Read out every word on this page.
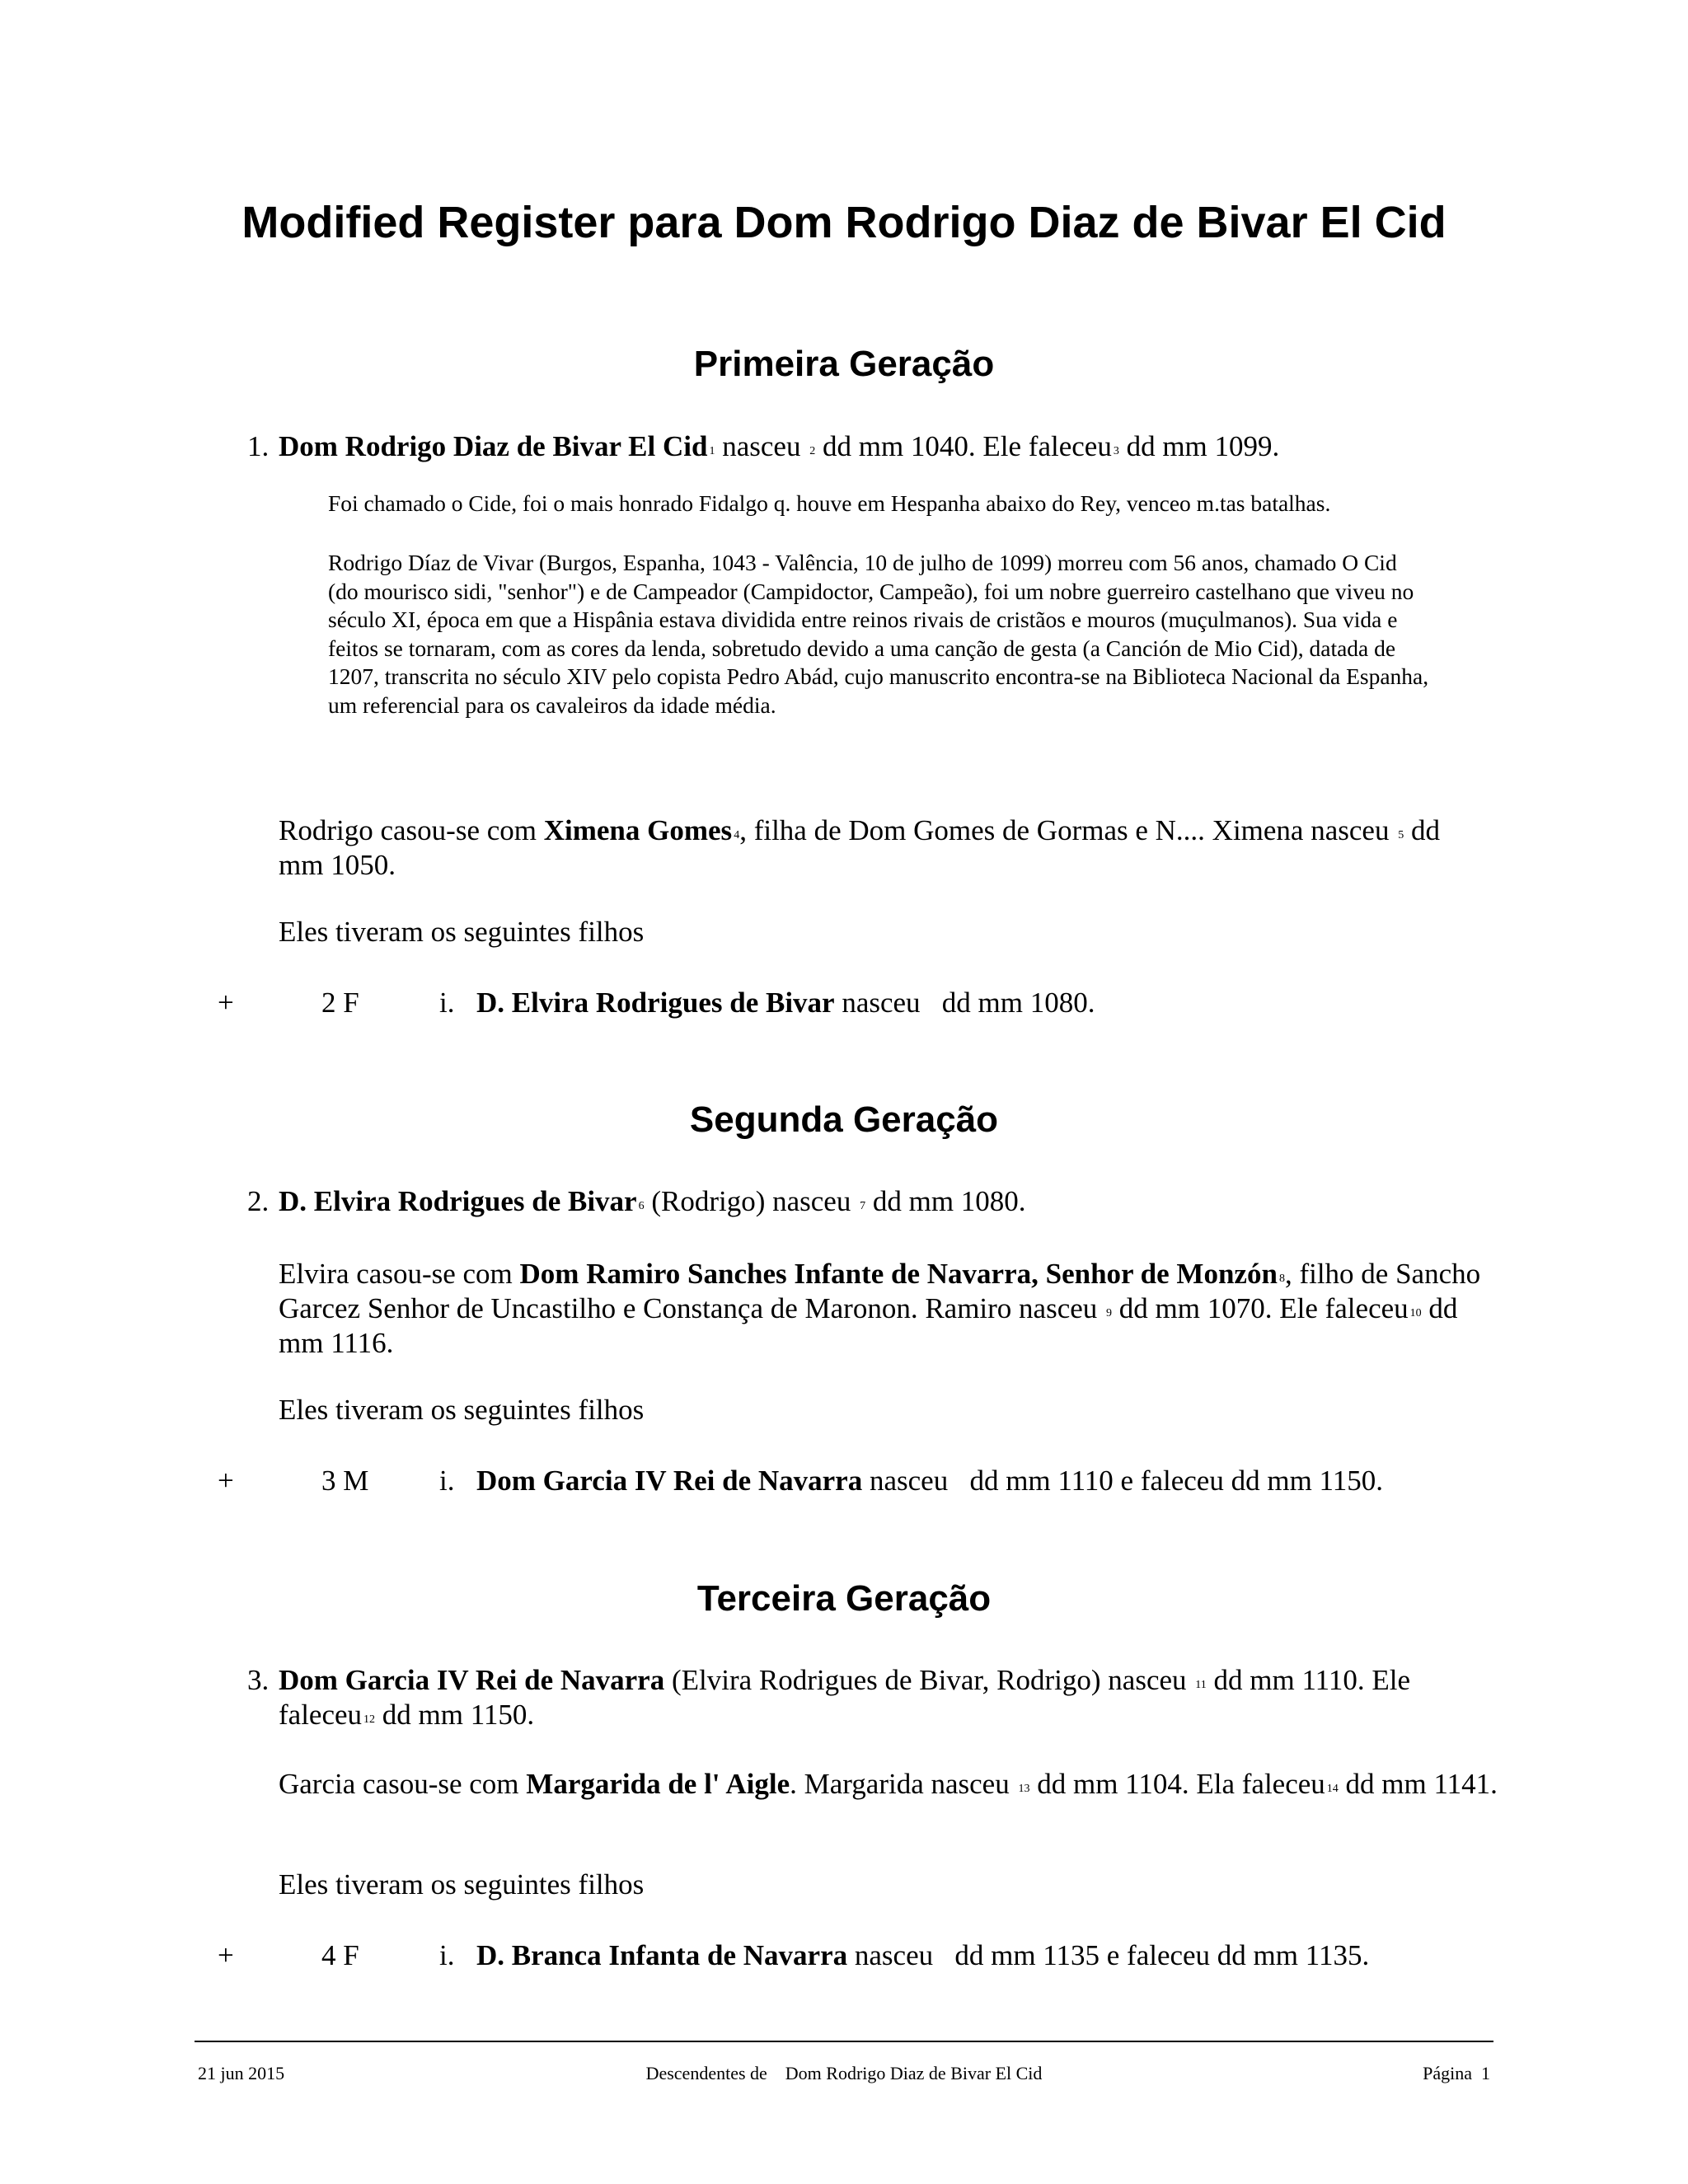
Modified Register para Dom Rodrigo Diaz de Bivar El Cid
Primeira Geração
1. Dom Rodrigo Diaz de Bivar El Cid $^1$ nasceu $^2$ dd mm 1040. Ele faleceu $^3$ dd mm 1099.
Foi chamado o Cide, foi o mais honrado Fidalgo q. houve em Hespanha abaixo do Rey, venceo m.tas batalhas.
Rodrigo Díaz de Vivar (Burgos, Espanha, 1043 - Valência, 10 de julho de 1099) morreu com 56 anos, chamado O Cid (do mourisco sidi, "senhor") e de Campeador (Campidoctor, Campeão), foi um nobre guerreiro castelhano que viveu no século XI, época em que a Hispânia estava dividida entre reinos rivais de cristãos e mouros (muçulmanos). Sua vida e feitos se tornaram, com as cores da lenda, sobretudo devido a uma canção de gesta (a Canción de Mio Cid), datada de 1207, transcrita no século XIV pelo copista Pedro Abád, cujo manuscrito encontra-se na Biblioteca Nacional da Espanha, um referencial para os cavaleiros da idade média.
Rodrigo casou-se com Ximena Gomes $^4$, filha de Dom Gomes de Gormas e N.... Ximena nasceu $^5$ dd mm 1050.
Eles tiveram os seguintes filhos
+	2 F	i. D. Elvira Rodrigues de Bivar nasceu   dd mm 1080.
Segunda Geração
2. D. Elvira Rodrigues de Bivar $^6$ (Rodrigo) nasceu $^7$ dd mm 1080.
Elvira casou-se com Dom Ramiro Sanches Infante de Navarra, Senhor de Monzón $^8$, filho de Sancho Garcez Senhor de Uncastilho e Constança de Maronon. Ramiro nasceu $^9$ dd mm 1070. Ele faleceu $^{10}$ dd mm 1116.
Eles tiveram os seguintes filhos
+	3 M i. Dom Garcia IV Rei de Navarra nasceu   dd mm 1110 e faleceu dd mm 1150.
Terceira Geração
3. Dom Garcia IV Rei de Navarra (Elvira Rodrigues de Bivar, Rodrigo) nasceu $^{11}$ dd mm 1110. Ele faleceu $^{12}$ dd mm 1150.
Garcia casou-se com Margarida de l' Aigle. Margarida nasceu $^{13}$ dd mm 1104. Ela faleceu $^{14}$ dd mm 1141.
Eles tiveram os seguintes filhos
+	4 F	i. D. Branca Infanta de Navarra nasceu   dd mm 1135 e faleceu dd mm 1135.
21 jun 2015	Descendentes de    Dom Rodrigo Diaz de Bivar El Cid	Página  1
